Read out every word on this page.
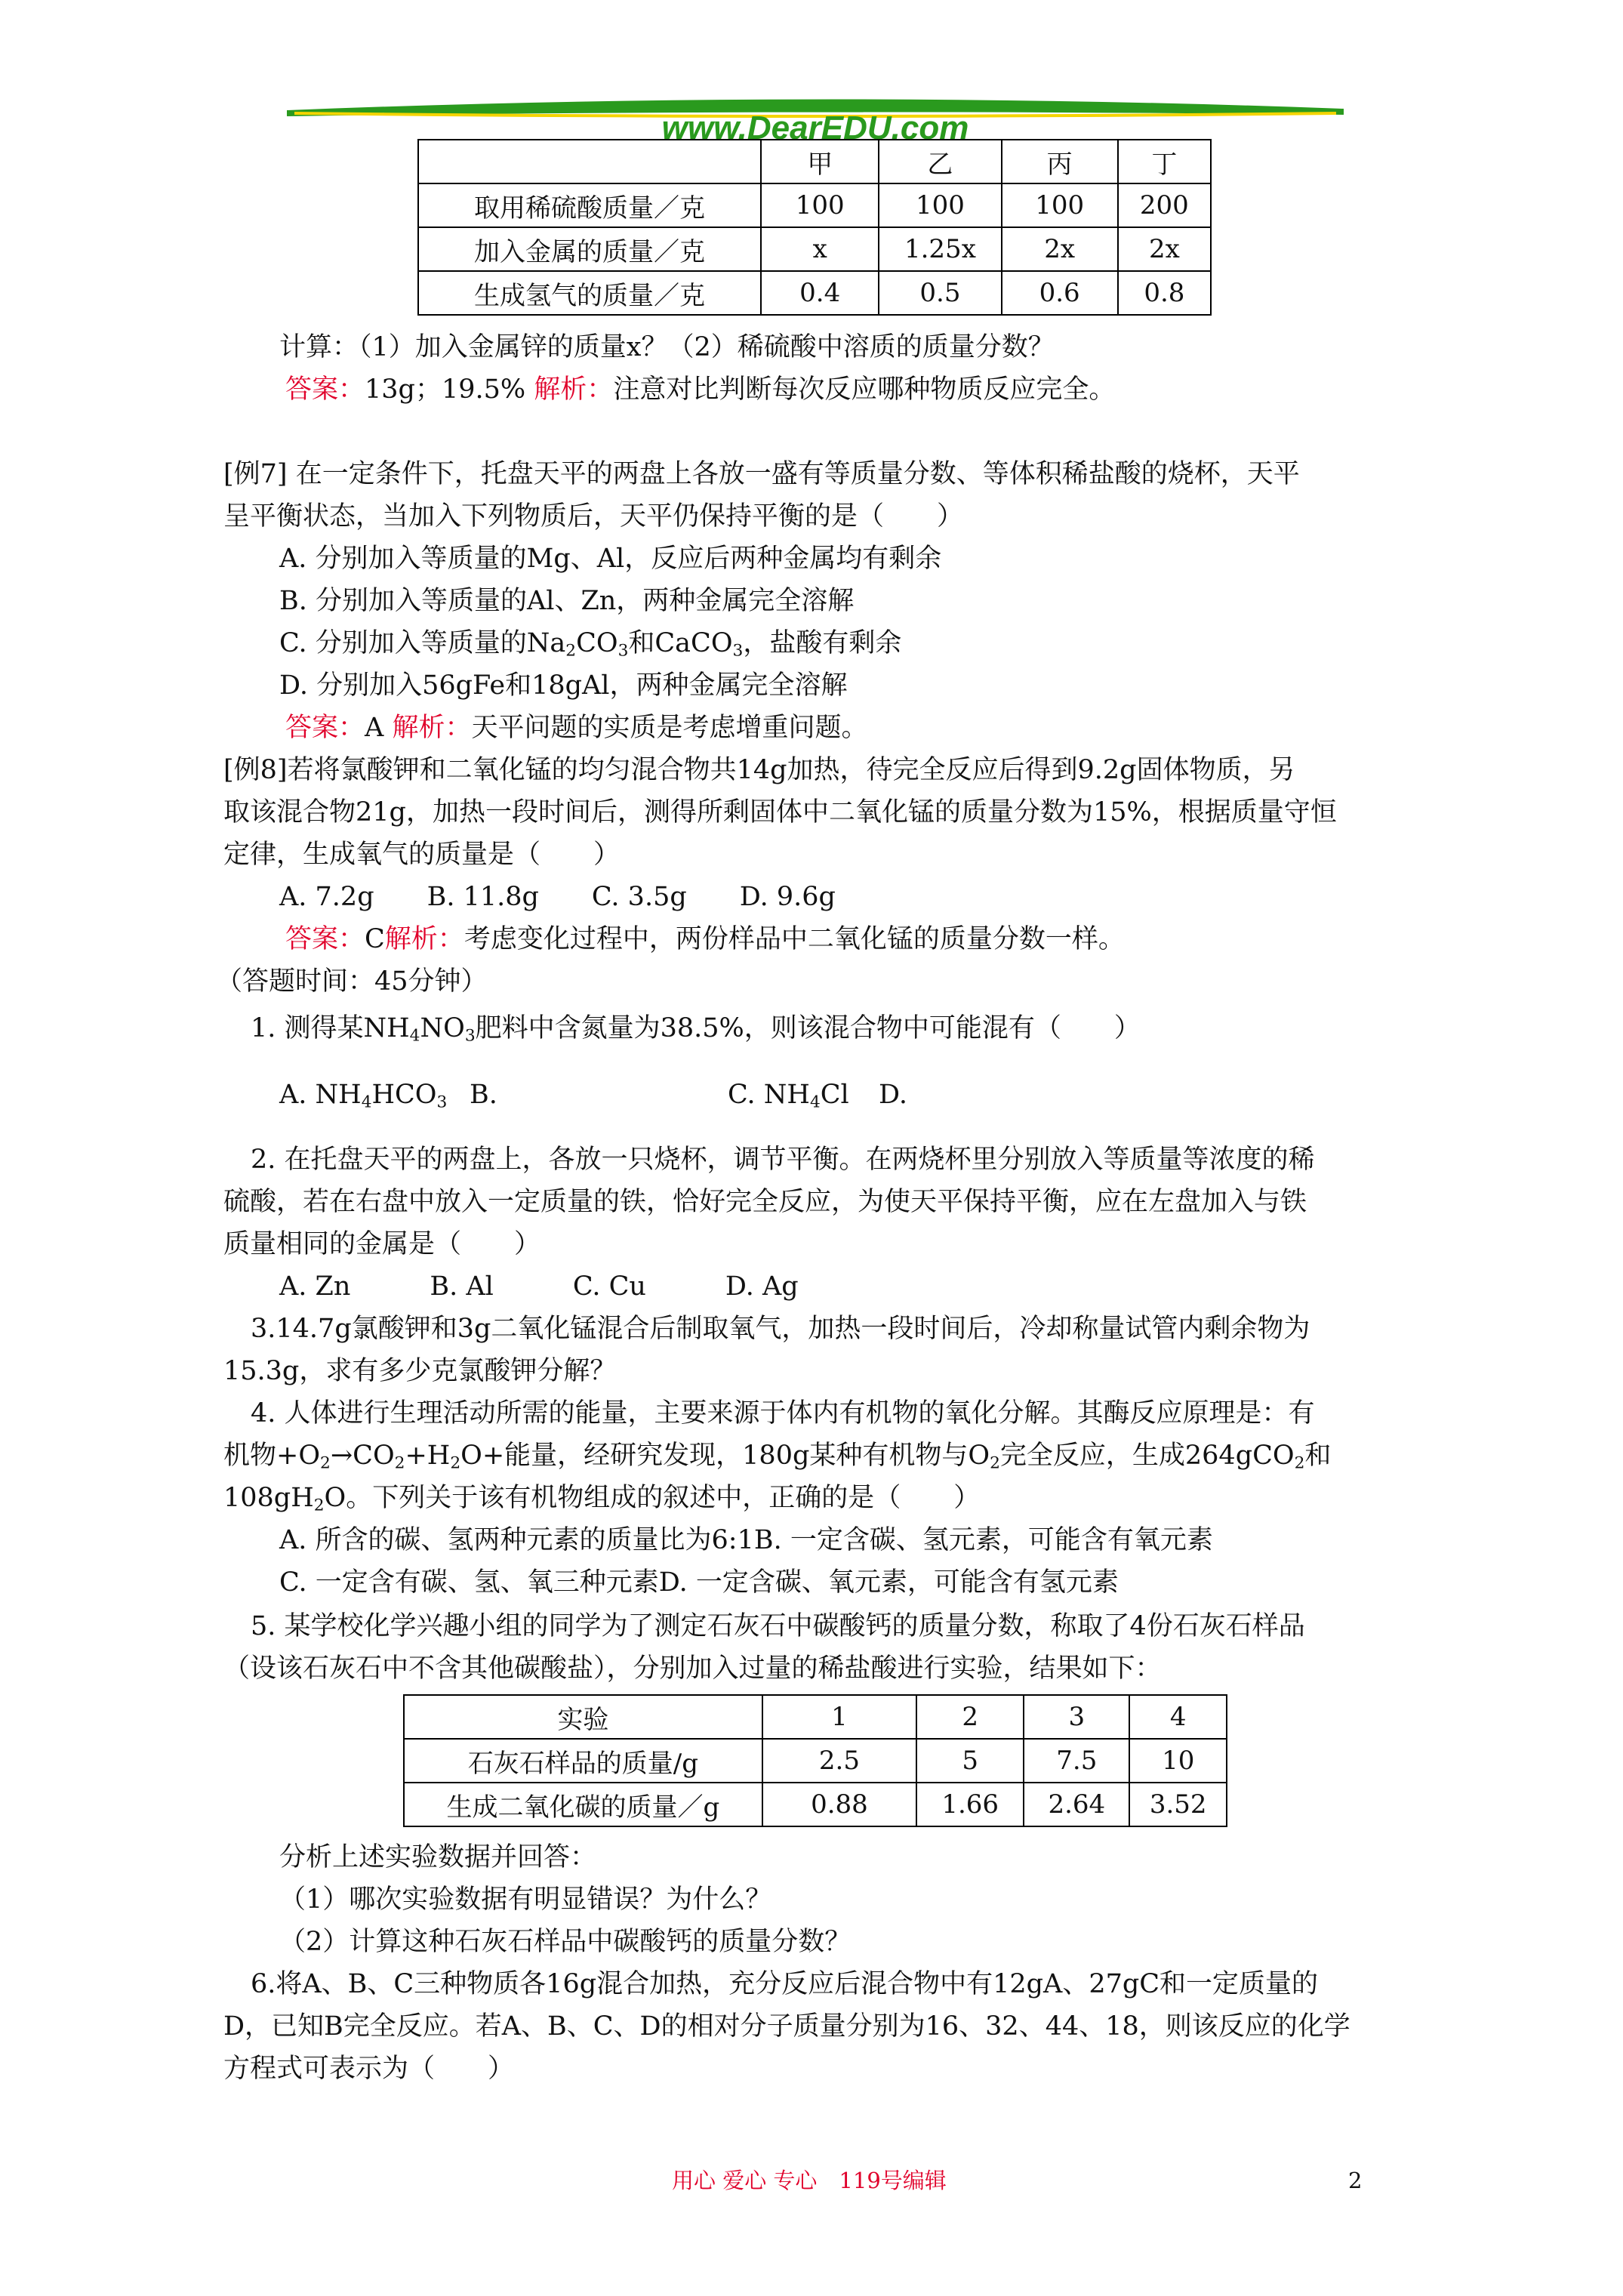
www.DearEDU.com
	甲	乙	丙	丁
取用稀硫酸质量／克	100	100	100	200
加入金属的质量／克	x	1.25x	2x	2x
生成氢气的质量／克	0.4	0.5	0.6	0.8
计算：（1）加入金属锌的质量x？（2）稀硫酸中溶质的质量分数？
答案：13g；19.5% 解析：注意对比判断每次反应哪种物质反应完全。
[例7] 在一定条件下，托盘天平的两盘上各放一盛有等质量分数、等体积稀盐酸的烧杯，天平
呈平衡状态，当加入下列物质后，天平仍保持平衡的是（　　）
A. 分别加入等质量的Mg、Al，反应后两种金属均有剩余
B. 分别加入等质量的Al、Zn，两种金属完全溶解
C. 分别加入等质量的$Na_2CO_3$和CaCO$_3$，盐酸有剩余
D. 分别加入56gFe和18gAl，两种金属完全溶解
答案：A 解析：天平问题的实质是考虑增重问题。
[例8]若将氯酸钾和二氧化锰的均匀混合物共14g加热，待完全反应后得到9.2g固体物质，另
取该混合物21g，加热一段时间后，测得所剩固体中二氧化锰的质量分数为15%，根据质量守恒
定律，生成氧气的质量是（　　）
A. 7.2g　　B. 11.8g　　C. 3.5g　　D. 9.6g
答案：C解析：考虑变化过程中，两份样品中二氧化锰的质量分数一样。
（答题时间：45分钟）
1. 测得某$NH_4NO_3$肥料中含氮量为38.5%，则该混合物中可能混有（　　）
A. $NH_4HCO_3$ B.	C. $NH_4Cl$ D.
2. 在托盘天平的两盘上，各放一只烧杯，调节平衡。在两烧杯里分别放入等质量等浓度的稀
硫酸，若在右盘中放入一定质量的铁，恰好完全反应，为使天平保持平衡，应在左盘加入与铁
质量相同的金属是（　　）
A. Zn　　　B. Al　　　C. Cu　　　D. Ag
3.14.7g氯酸钾和3g二氧化锰混合后制取氧气，加热一段时间后，冷却称量试管内剩余物为
15.3g，求有多少克氯酸钾分解？
4. 人体进行生理活动所需的能量，主要来源于体内有机物的氧化分解。其酶反应原理是：有
机物$+O_2\to CO_2+H_2O+$能量，经研究发现，180g某种有机物与$O_2$完全反应，生成264gCO$_2$和
$108gH_2O$。下列关于该有机物组成的叙述中，正确的是（　　）
A. 所含的碳、氢两种元素的质量比为6:1B. 一定含碳、氢元素，可能含有氧元素
C. 一定含有碳、氢、氧三种元素D. 一定含碳、氧元素，可能含有氢元素
5. 某学校化学兴趣小组的同学为了测定石灰石中碳酸钙的质量分数，称取了4份石灰石样品
（设该石灰石中不含其他碳酸盐），分别加入过量的稀盐酸进行实验，结果如下：
实验	1	2	3	4
石灰石样品的质量/g	2.5	5	7.5	10
生成二氧化碳的质量／g	0.88	1.66	2.64	3.52
分析上述实验数据并回答：
（1）哪次实验数据有明显错误？为什么？
（2）计算这种石灰石样品中碳酸钙的质量分数？
6.将A、B、C三种物质各16g混合加热，充分反应后混合物中有12gA、27gC和一定质量的
D，已知B完全反应。若A、B、C、D的相对分子质量分别为16、32、44、18，则该反应的化学
方程式可表示为（　　）
用心 爱心 专心　119号编辑	2
